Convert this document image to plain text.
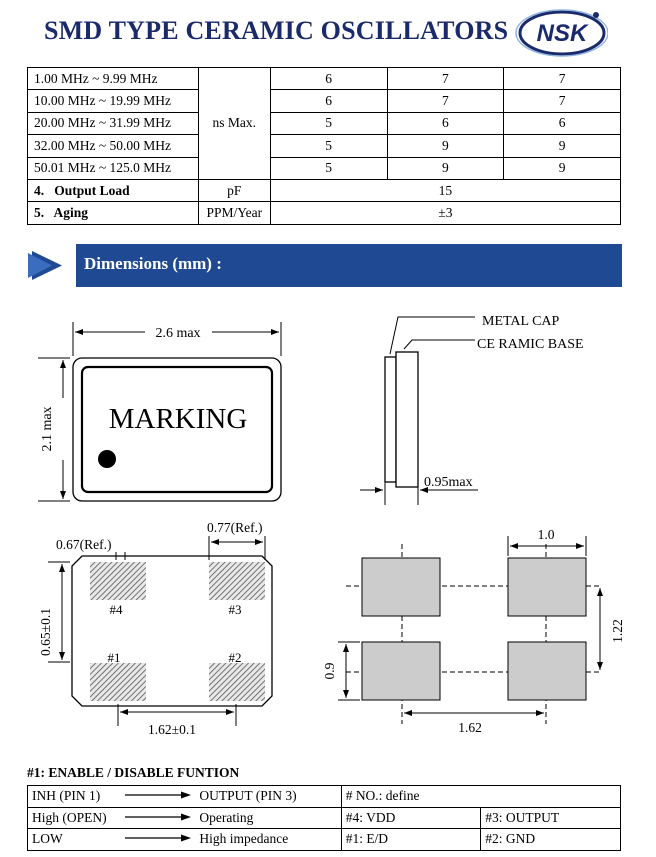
SMD TYPE CERAMIC OSCILLATORS NSK
1.00 MHz ~ 9.99 MHz	ns Max.	6	7	7
10.00 MHz ~ 19.99 MHz		6	7	7
20.00 MHz ~ 31.99 MHz		5	6	6
32.00 MHz ~ 50.00 MHz		5	9	9
50.01 MHz ~ 125.0 MHz		5	9	9
4.   Output Load	pF	15		
5.   Aging	PPM/Year	±3		
Dimensions (mm) :
2.6 max
2.1 max MARKING
METAL CAP
CE RAMIC BASE
0.95max
#4	#3
#1	#2
0.67(Ref.)
0.77(Ref.)
0.65±0.1
1.62±0.1
1.0
1.22
0.9
1.62
#1: ENABLE / DISABLE FUNTION
INH (PIN 1)		OUTPUT (PIN 3)	# NO.: define	
High (OPEN)		Operating	#4: VDD	#3: OUTPUT
LOW		High impedance	#1: E/D	#2: GND
